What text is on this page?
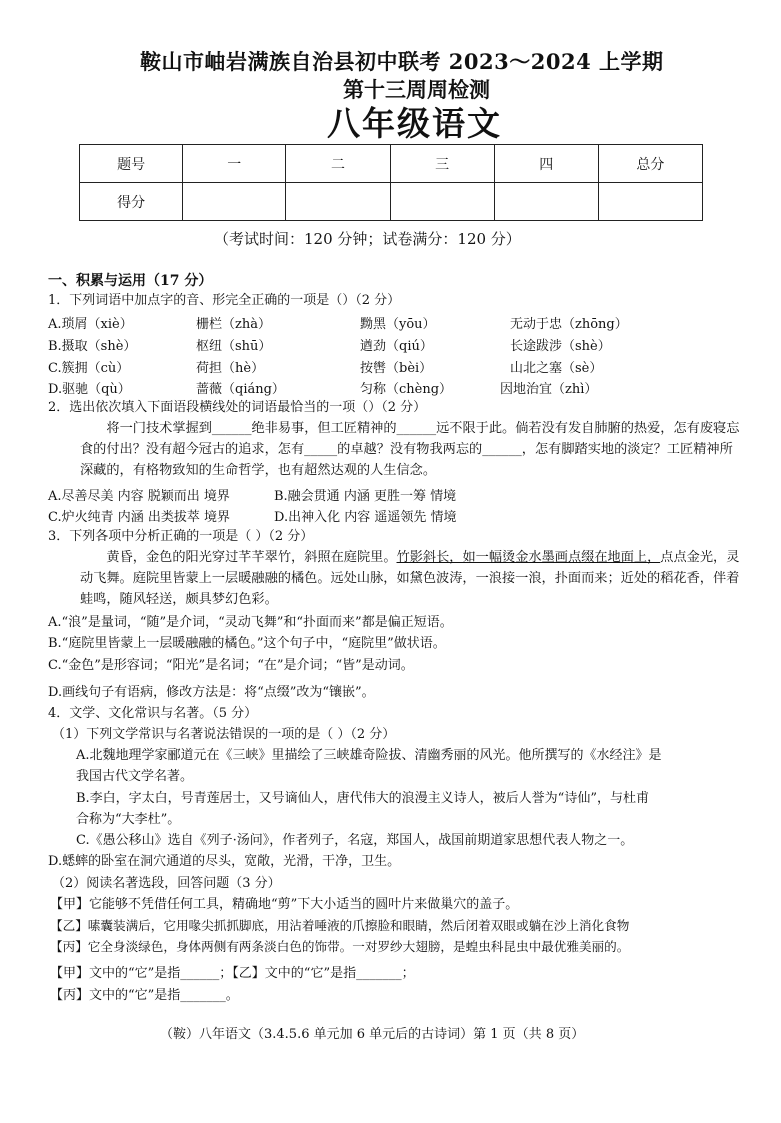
鞍山市岫岩满族自治县初中联考 2023～2024 上学期
第十三周周检测
八年级语文
题号	一	二	三	四	总分
得分					
（考试时间：120 分钟；试卷满分：120 分）
一、积累与运用（17 分）
1．下列词语中加点字的音、形完全正确的一项是（）（2 分）
A.琐屑（xiè）	栅栏（zhà）	黝黑（yōu）	无动于忠（zhōng）
B.摄取（shè）	枢纽（shū）	遒劲（qiú）	长途跋涉（shè）
C.簇拥（cù）	荷担（hè）	按辔（bèi）	山北之塞（sè）
D.驱驰（qù）	蔷薇（qiáng）	匀称（chèng）	因地治宜（zhì）
2．选出依次填入下面语段横线处的词语最恰当的一项（）（2 分）
将一门技术掌握到______绝非易事，但工匠精神的______远不限于此。倘若没有发自肺腑的热爱，怎有废寝忘食的付出？没有超今冠古的追求，怎有_____的卓越？没有物我两忘的______，怎有脚踏实地的淡定？工匠精神所深藏的，有格物致知的生命哲学，也有超然达观的人生信念。
A.尽善尽美 内容 脱颖而出 境界	B.融会贯通 内涵 更胜一筹 情境
C.炉火纯青 内涵 出类拔萃 境界	D.出神入化 内容 遥遥领先 情境
3．下列各项中分析正确的一项是（ ）（2 分）
黄昏，金色的阳光穿过芊芊翠竹，斜照在庭院里。竹影斜长，如一幅烫金水墨画点缀在地面上，点点金光，灵动飞舞。庭院里皆蒙上一层暖融融的橘色。远处山脉，如黛色波涛，一浪接一浪，扑面而来；近处的稻花香，伴着蛙鸣，随风轻送，颇具梦幻色彩。
A.“浪”是量词，“随”是介词，“灵动飞舞”和“扑面而来”都是偏正短语。
B.“庭院里皆蒙上一层暖融融的橘色。”这个句子中，“庭院里”做状语。
C.“金色”是形容词；“阳光”是名词；“在”是介词；“皆”是动词。
D.画线句子有语病，修改方法是：将“点缀”改为“镶嵌”。
4．文学、文化常识与名著。（5 分）
（1）下列文学常识与名著说法错误的一项的是（ ）（2 分）
A.北魏地理学家郦道元在《三峡》里描绘了三峡雄奇险拔、清幽秀丽的风光。他所撰写的《水经注》是
我国古代文学名著。
B.李白，字太白，号青莲居士，又号谪仙人，唐代伟大的浪漫主义诗人，被后人誉为“诗仙”，与杜甫
合称为“大李杜”。
C.《愚公移山》选自《列子·汤问》，作者列子，名寇，郑国人，战国前期道家思想代表人物之一。
D.蟋蟀的卧室在洞穴通道的尽头，宽敞，光滑，干净，卫生。
（2）阅读名著选段，回答问题（3 分）
【甲】它能够不凭借任何工具，精确地“剪”下大小适当的圆叶片来做巢穴的盖子。
【乙】嗉囊装满后，它用喙尖抓抓脚底，用沾着唾液的爪擦脸和眼睛，然后闭着双眼或躺在沙上消化食物
【丙】它全身淡绿色，身体两侧有两条淡白色的饰带。一对罗纱大翅膀，是蝗虫科昆虫中最优雅美丽的。
【甲】文中的“它”是指______；【乙】文中的“它”是指_______；
【丙】文中的“它”是指_______。
（鞍）八年语文（3.4.5.6 单元加 6 单元后的古诗词）第 1 页（共 8 页）
